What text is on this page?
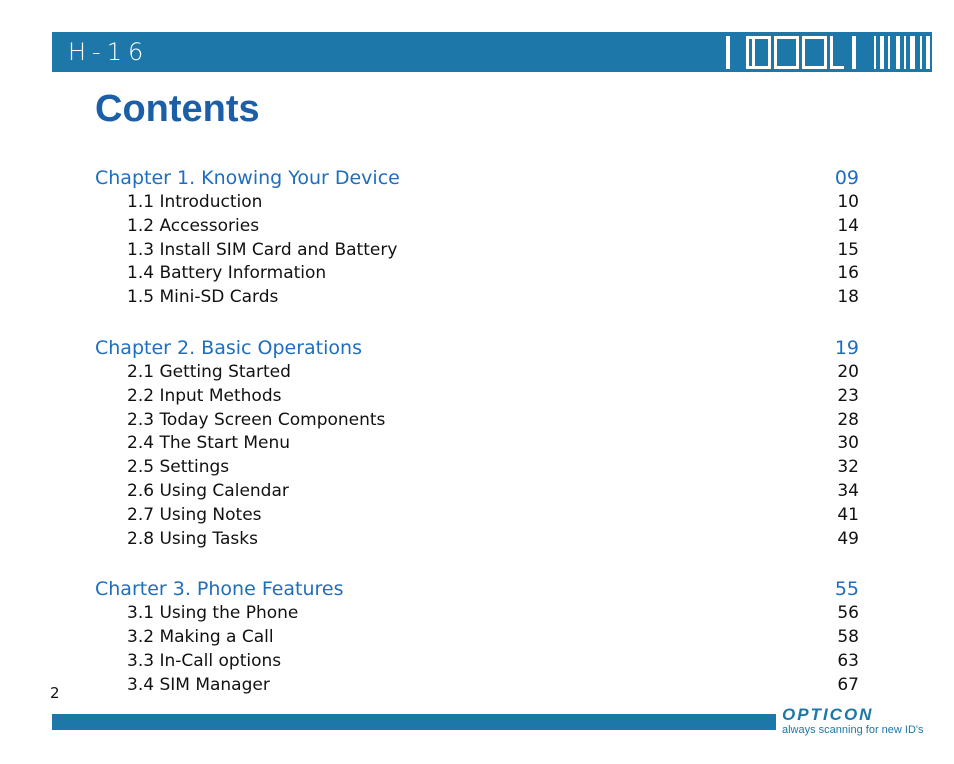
H-16
Contents
Chapter 1. Knowing Your Device	09
1.1 Introduction	10
1.2 Accessories	14
1.3 Install SIM Card and Battery	15
1.4 Battery Information	16
1.5 Mini-SD Cards	18
Chapter 2. Basic Operations	19
2.1 Getting Started	20
2.2 Input Methods	23
2.3 Today Screen Components	28
2.4 The Start Menu	30
2.5 Settings	32
2.6 Using Calendar	34
2.7 Using Notes	41
2.8 Using Tasks	49
Charter 3. Phone Features	55
3.1 Using the Phone	56
3.2 Making a Call	58
3.3 In-Call options	63
3.4 SIM Manager	67
2
OPTICON
always scanning for new ID's
